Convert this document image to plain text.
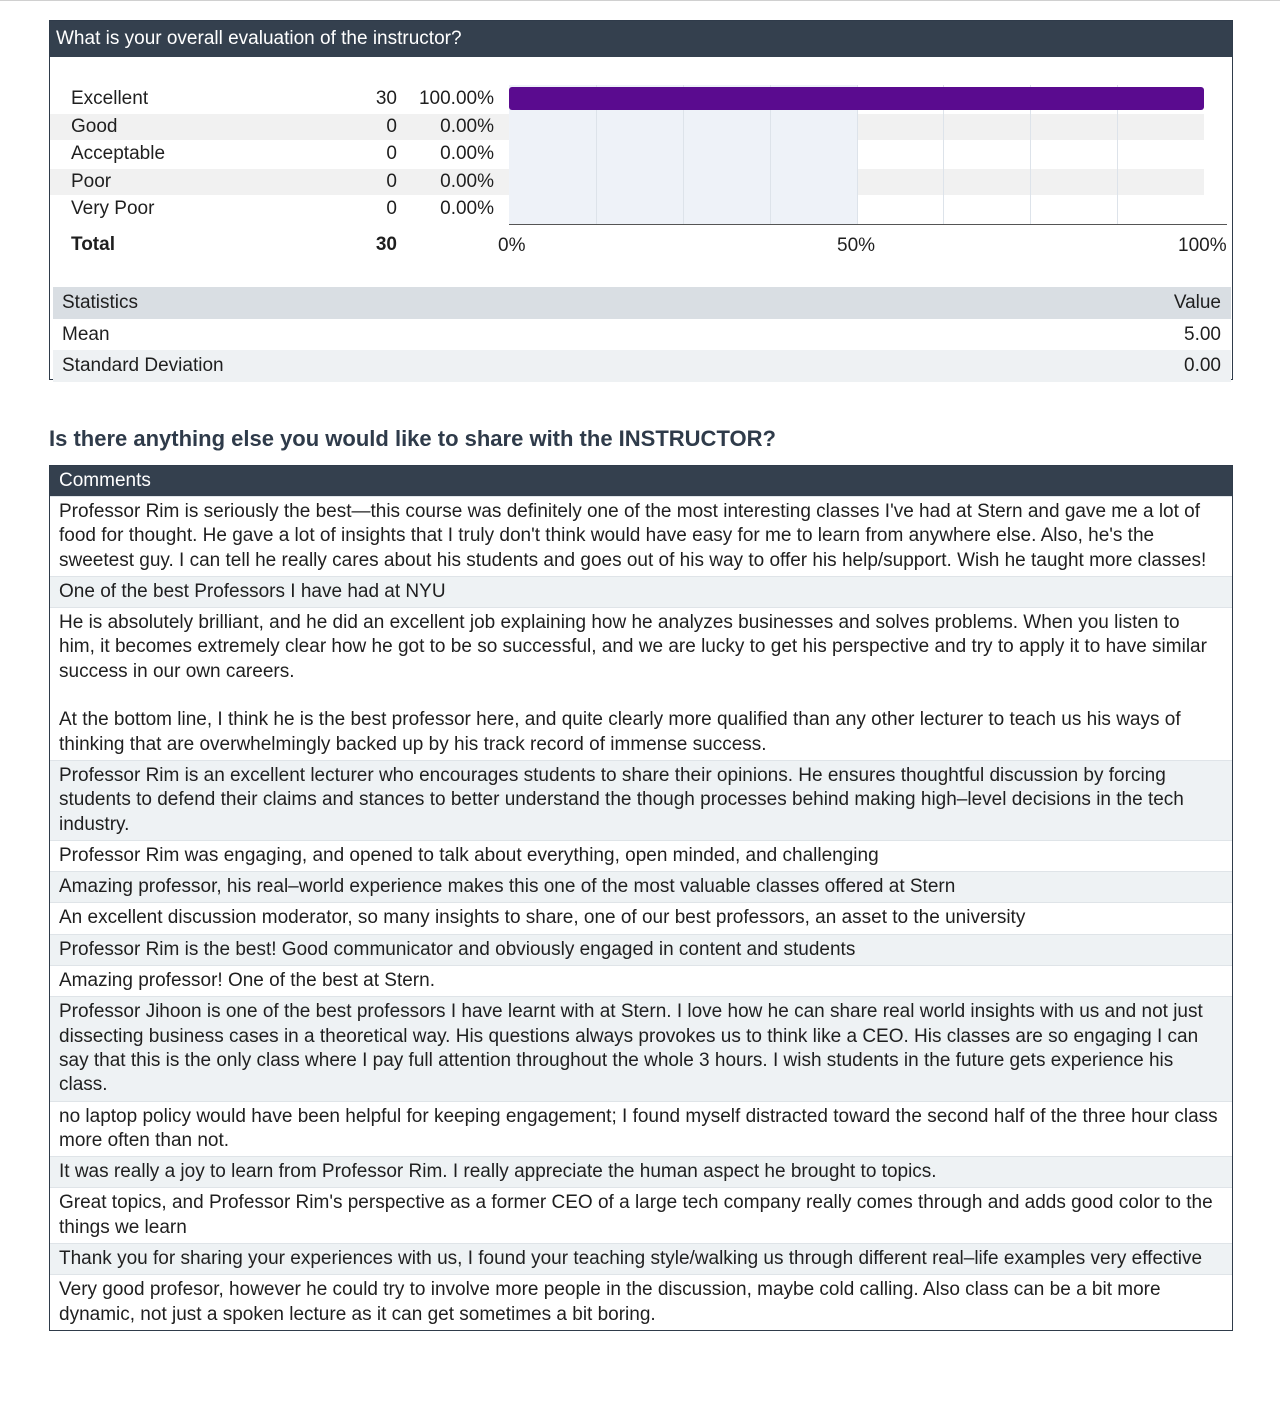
What is your overall evaluation of the instructor?
Excellent	30 100.00%
Good	0 0.00%
Acceptable	0 0.00%
Poor	0 0.00%
Very Poor	0 0.00%
0%	50%	100%
Total	30
Statistics	Value
Mean	5.00
Standard Deviation	0.00
Is there anything else you would like to share with the INSTRUCTOR?
Comments
Professor Rim is seriously the best—this course was definitely one of the most interesting classes I've had at Stern and gave me a lot of food for thought. He gave a lot of insights that I truly don't think would have easy for me to learn from anywhere else. Also, he's the sweetest guy. I can tell he really cares about his students and goes out of his way to offer his help/support. Wish he taught more classes!
One of the best Professors I have had at NYU
He is absolutely brilliant, and he did an excellent job explaining how he analyzes businesses and solves problems. When you listen to him, it becomes extremely clear how he got to be so successful, and we are lucky to get his perspective and try to apply it to have similar success in our own careers.

At the bottom line, I think he is the best professor here, and quite clearly more qualified than any other lecturer to teach us his ways of thinking that are overwhelmingly backed up by his track record of immense success.
Professor Rim is an excellent lecturer who encourages students to share their opinions. He ensures thoughtful discussion by forcing students to defend their claims and stances to better understand the though processes behind making high–level decisions in the tech industry.
Professor Rim was engaging, and opened to talk about everything, open minded, and challenging
Amazing professor, his real–world experience makes this one of the most valuable classes offered at Stern
An excellent discussion moderator, so many insights to share, one of our best professors, an asset to the university
Professor Rim is the best! Good communicator and obviously engaged in content and students
Amazing professor! One of the best at Stern.
Professor Jihoon is one of the best professors I have learnt with at Stern. I love how he can share real world insights with us and not just dissecting business cases in a theoretical way. His questions always provokes us to think like a CEO. His classes are so engaging I can say that this is the only class where I pay full attention throughout the whole 3 hours. I wish students in the future gets experience his class.
no laptop policy would have been helpful for keeping engagement; I found myself distracted toward the second half of the three hour class more often than not.
It was really a joy to learn from Professor Rim. I really appreciate the human aspect he brought to topics.
Great topics, and Professor Rim's perspective as a former CEO of a large tech company really comes through and adds good color to the things we learn
Thank you for sharing your experiences with us, I found your teaching style/walking us through different real–life examples very effective
Very good profesor, however he could try to involve more people in the discussion, maybe cold calling. Also class can be a bit more dynamic, not just a spoken lecture as it can get sometimes a bit boring.
